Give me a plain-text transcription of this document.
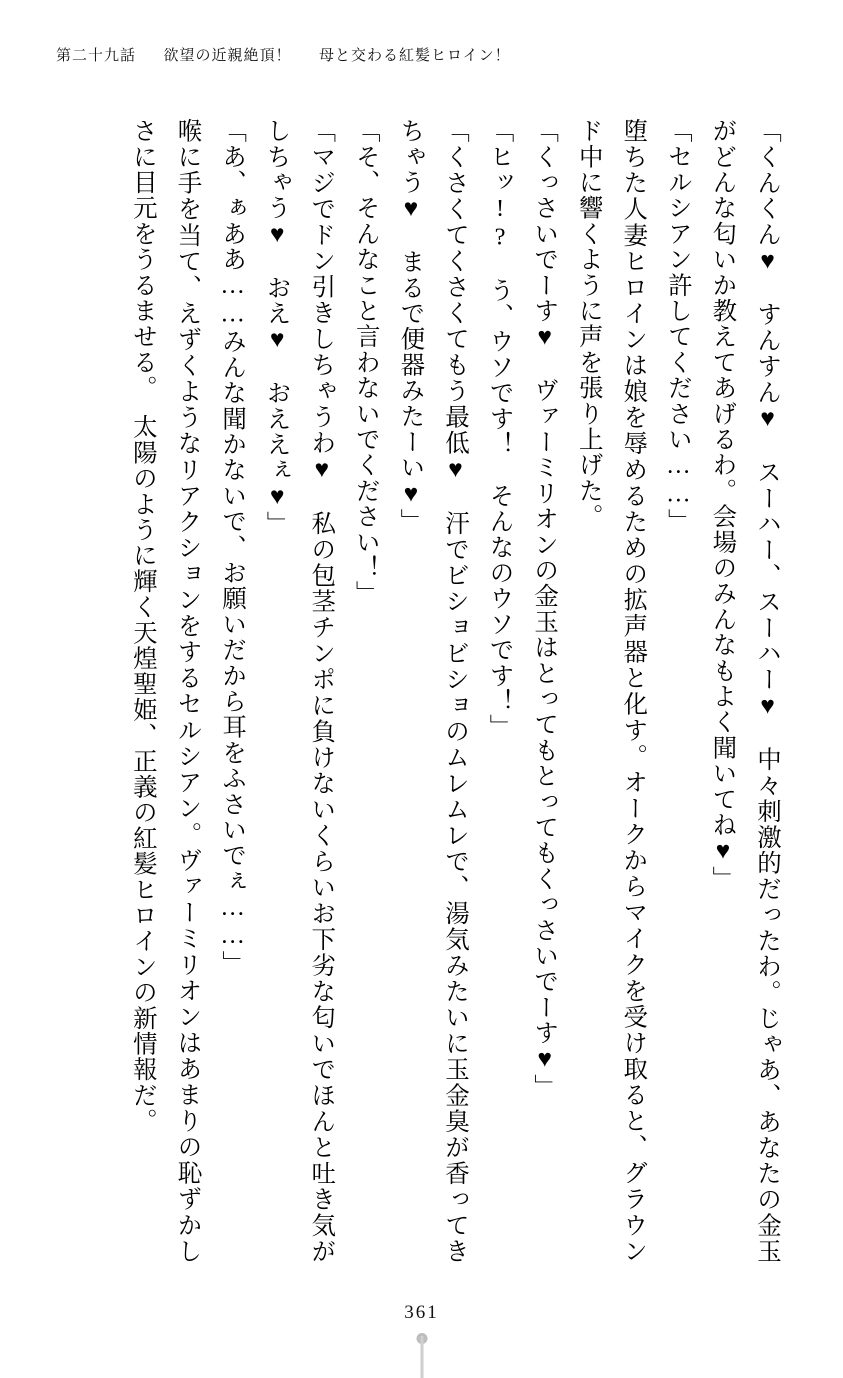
第二十九話 欲望の近親絶頂！ 母と交わる紅髪ヒロイン！

「くんくん♥　すんすん♥　スーハー、スーハー♥　中々刺激的だったわ。じゃあ、あなたの金玉がどんな匂いか教えてあげるわ。会場のみんなもよく聞いてね♥」

「セルシアン許してください……」

堕ちた人妻ヒロインは娘を辱めるための拡声器と化す。オークからマイクを受け取ると、グラウンド中に響くように声を張り上げた。

「くっさいでーす♥　ヴァーミリオンの金玉はとってもとってもくっさいでーす♥」

「ヒッ!?　う、ウソです！　そんなのウソです！」

「くさくてくさくてもう最低♥　汗でビショビショのムレムレで、湯気みたいに玉金臭が香ってきちゃう♥　まるで便器みたーい♥」

「そ、そんなこと言わないでください！」

「マジでドン引きしちゃうわ♥　私の包茎チンポに負けないくらいお下劣な匂いでほんと吐き気がしちゃう♥　おえ♥　おええぇ♥」

「あ、ぁああ……みんな聞かないで、お願いだから耳をふさいでぇ……」

喉に手を当て、えずくようなリアクションをするセルシアン。ヴァーミリオンはあまりの恥ずかしさに目元をうるませる。　太陽のように輝く天煌聖姫、正義の紅髪ヒロインの新情報だ。

361
